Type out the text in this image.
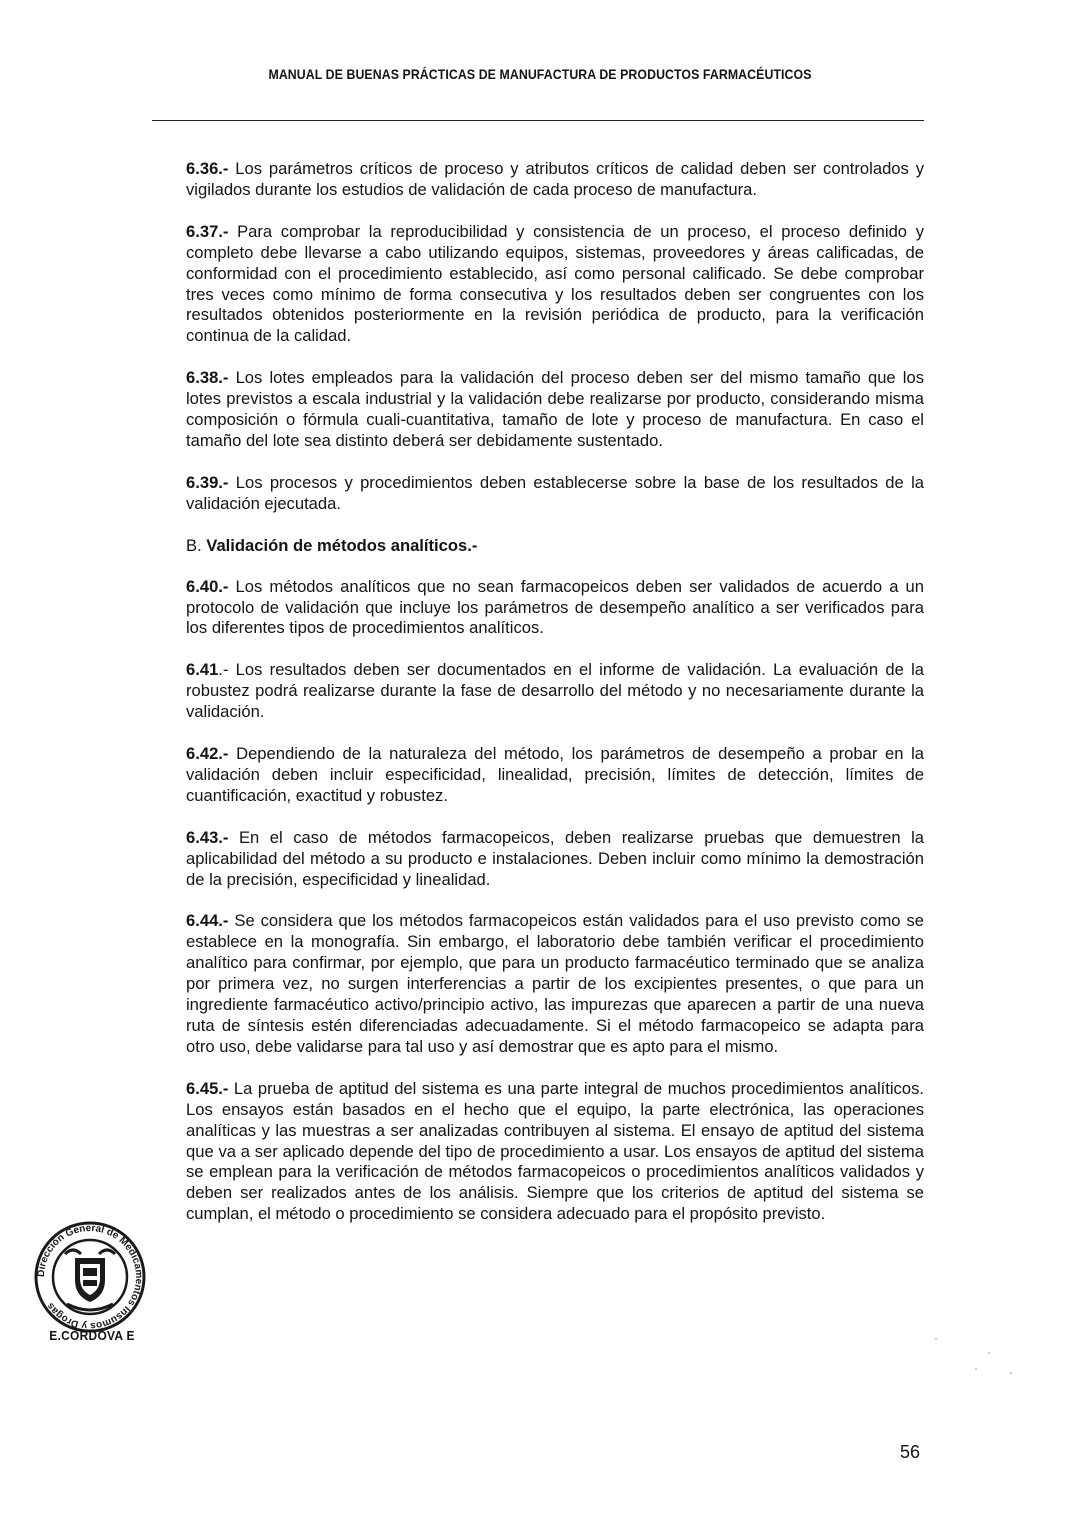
MANUAL DE BUENAS PRÁCTICAS DE MANUFACTURA DE PRODUCTOS FARMACÉUTICOS

6.36.- Los parámetros críticos de proceso y atributos críticos de calidad deben ser controlados y vigilados durante los estudios de validación de cada proceso de manufactura.

6.37.- Para comprobar la reproducibilidad y consistencia de un proceso, el proceso definido y completo debe llevarse a cabo utilizando equipos, sistemas, proveedores y áreas calificadas, de conformidad con el procedimiento establecido, así como personal calificado. Se debe comprobar tres veces como mínimo de forma consecutiva y los resultados deben ser congruentes con los resultados obtenidos posteriormente en la revisión periódica de producto, para la verificación continua de la calidad.

6.38.- Los lotes empleados para la validación del proceso deben ser del mismo tamaño que los lotes previstos a escala industrial y la validación debe realizarse por producto, considerando misma composición o fórmula cuali-cuantitativa, tamaño de lote y proceso de manufactura. En caso el tamaño del lote sea distinto deberá ser debidamente sustentado.

6.39.- Los procesos y procedimientos deben establecerse sobre la base de los resultados de la validación ejecutada.

B. Validación de métodos analíticos.-

6.40.- Los métodos analíticos que no sean farmacopeicos deben ser validados de acuerdo a un protocolo de validación que incluye los parámetros de desempeño analítico a ser verificados para los diferentes tipos de procedimientos analíticos.

6.41.- Los resultados deben ser documentados en el informe de validación. La evaluación de la robustez podrá realizarse durante la fase de desarrollo del método y no necesariamente durante la validación.

6.42.- Dependiendo de la naturaleza del método, los parámetros de desempeño a probar en la validación deben incluir especificidad, linealidad, precisión, límites de detección, límites de cuantificación, exactitud y robustez.

6.43.- En el caso de métodos farmacopeicos, deben realizarse pruebas que demuestren la aplicabilidad del método a su producto e instalaciones. Deben incluir como mínimo la demostración de la precisión, especificidad y linealidad.

6.44.- Se considera que los métodos farmacopeicos están validados para el uso previsto como se establece en la monografía. Sin embargo, el laboratorio debe también verificar el procedimiento analítico para confirmar, por ejemplo, que para un producto farmacéutico terminado que se analiza por primera vez, no surgen interferencias a partir de los excipientes presentes, o que para un ingrediente farmacéutico activo/principio activo, las impurezas que aparecen a partir de una nueva ruta de síntesis estén diferenciadas adecuadamente. Si el método farmacopeico se adapta para otro uso, debe validarse para tal uso y así demostrar que es apto para el mismo.

6.45.- La prueba de aptitud del sistema es una parte integral de muchos procedimientos analíticos. Los ensayos están basados en el hecho que el equipo, la parte electrónica, las operaciones analíticas y las muestras a ser analizadas contribuyen al sistema. El ensayo de aptitud del sistema que va a ser aplicado depende del tipo de procedimiento a usar. Los ensayos de aptitud del sistema se emplean para la verificación de métodos farmacopeicos o procedimientos analíticos validados y deben ser realizados antes de los análisis. Siempre que los criterios de aptitud del sistema se cumplan, el método o procedimiento se considera adecuado para el propósito previsto.

Dirección General de Medicamentos Insumos y Drogas
E.CÓRDOVA E
56
